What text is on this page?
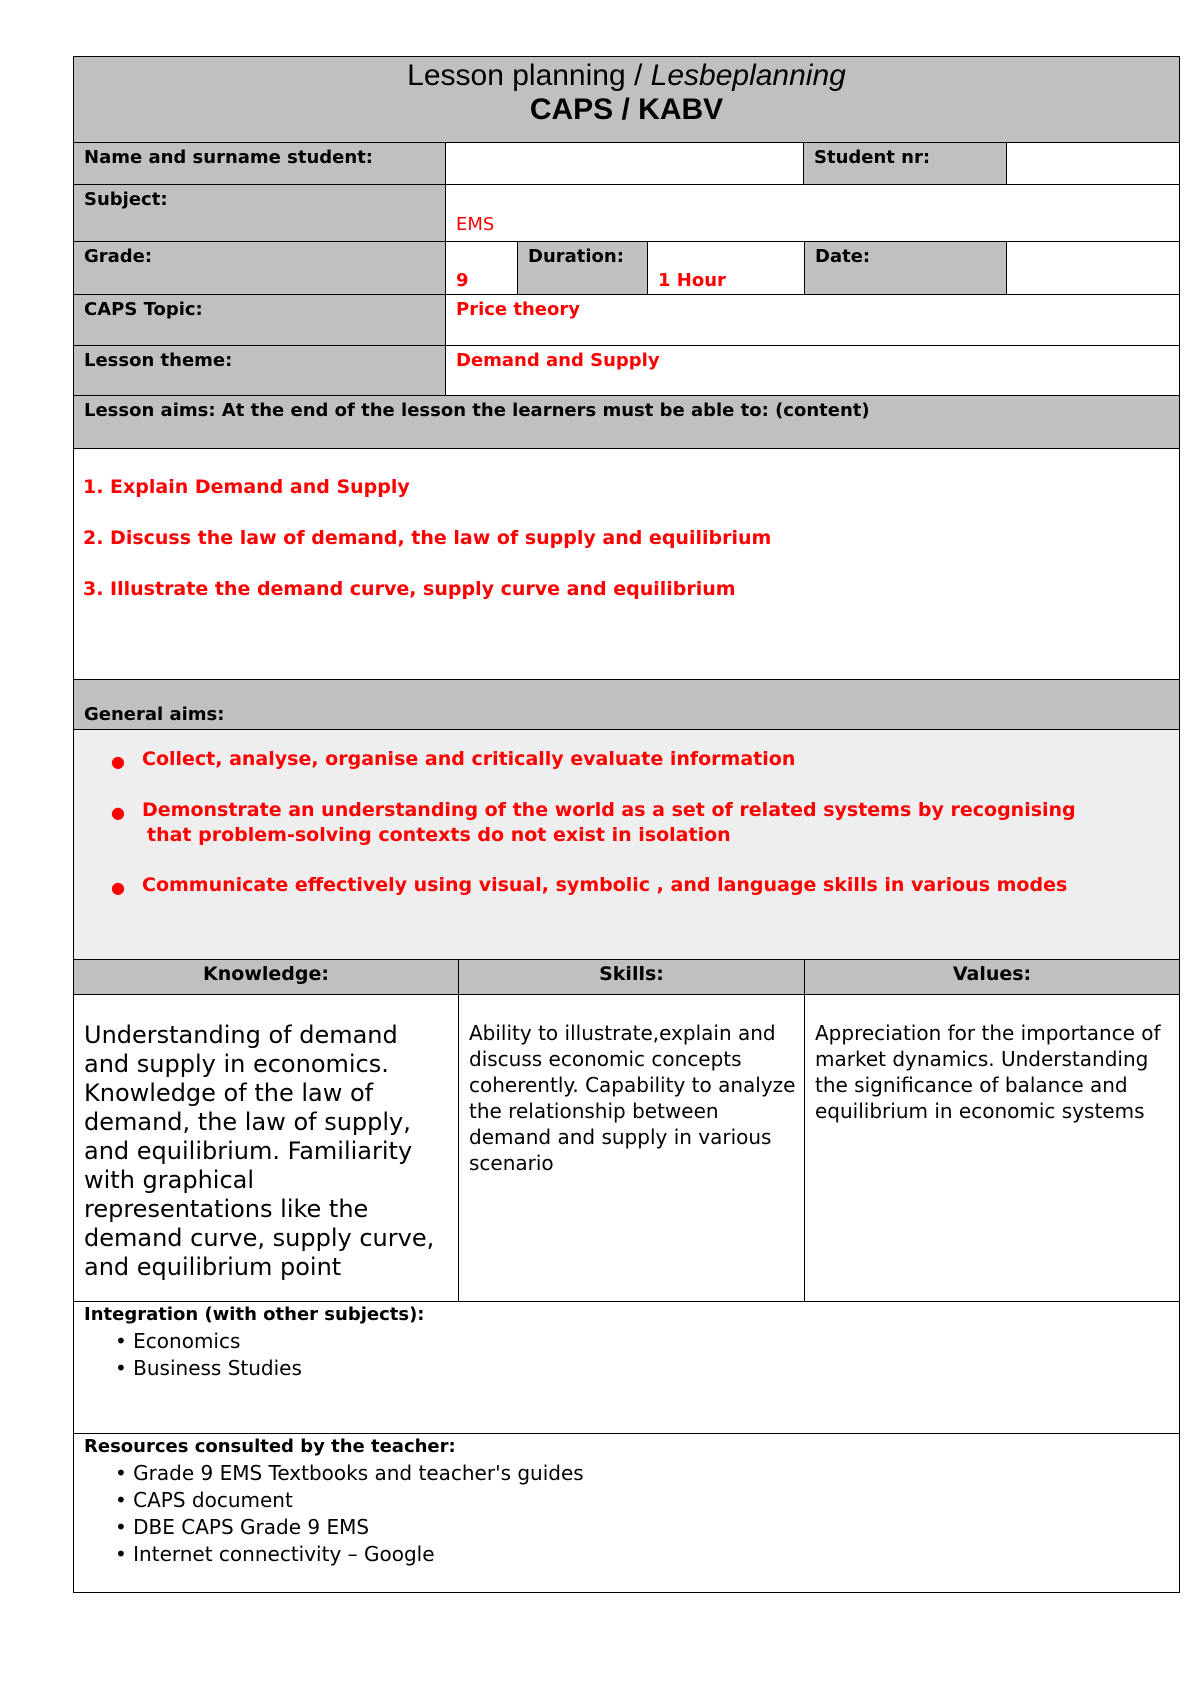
Lesson planning / Lesbeplanning
CAPS / KABV
Name and surname student:	Student nr:
Subject:
EMS
Grade:
9
Duration:
1 Hour
Date:
CAPS Topic:	Price theory
Lesson theme:	Demand and Supply
Lesson aims: At the end of the lesson the learners must be able to: (content)
1. Explain Demand and Supply
2. Discuss the law of demand, the law of supply and equilibrium
3. Illustrate the demand curve, supply curve and equilibrium
General aims:
● Collect, analyse, organise and critically evaluate information
● Demonstrate an understanding of the world as a set of related systems by recognising
that problem-solving contexts do not exist in isolation
● Communicate effectively using visual, symbolic , and language skills in various modes
Knowledge:	Skills:	Values:
Understanding of demand and supply in economics. Knowledge of the law of demand, the law of supply, and equilibrium. Familiarity with graphical representations like the demand curve, supply curve, and equilibrium point
Ability to illustrate,explain and discuss economic concepts coherently. Capability to analyze the relationship between demand and supply in various scenario
Appreciation for the importance of market dynamics. Understanding the significance of balance and equilibrium in economic systems
Integration (with other subjects):
• Economics
• Business Studies
Resources consulted by the teacher:
• Grade 9 EMS Textbooks and teacher's guides
• CAPS document
• DBE CAPS Grade 9 EMS
• Internet connectivity – Google
